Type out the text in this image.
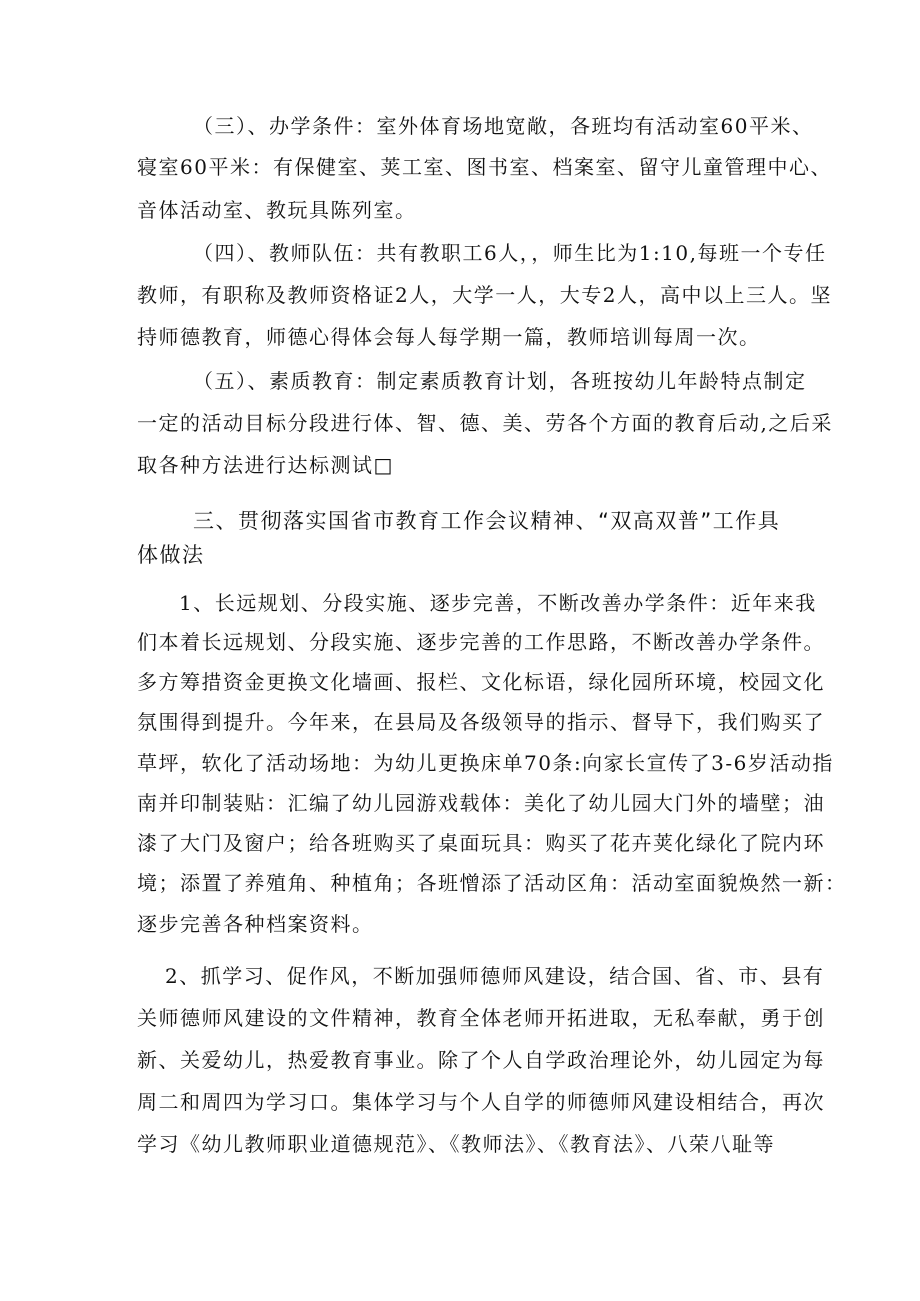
（三）、办学条件：室外体育场地宽敞，各班均有活动室60平米、
寝室60平米：有保健室、荚工室、图书室、档案室、留守儿童管理中心、
音体活动室、教玩具陈列室。
（四）、教师队伍：共有教职工6人，，师生比为1:10,每班一个专任
教师，有职称及教师资格证2人，大学一人，大专2人，高中以上三人。坚
持师德教育，师德心得体会每人每学期一篇，教师培训每周一次。
（五）、素质教育：制定素质教育计划，各班按幼儿年龄特点制定
一定的活动目标分段进行体、智、德、美、劳各个方面的教育后动,之后采
取各种方法进行达标测试□
三、贯彻落实国省市教育工作会议精神、“双高双普”工作具
体做法
1、长远规划、分段实施、逐步完善，不断改善办学条件：近年来我
们本着长远规划、分段实施、逐步完善的工作思路，不断改善办学条件。
多方筹措资金更换文化墙画、报栏、文化标语，绿化园所环境，校园文化
氛围得到提升。今年来，在县局及各级领导的指示、督导下，我们购买了
草坪，软化了活动场地：为幼儿更换床单70条:向家长宣传了3-6岁活动指
南并印制装贴：汇编了幼儿园游戏载体：美化了幼儿园大门外的墙壁；油
漆了大门及窗户；给各班购买了桌面玩具：购买了花卉荚化绿化了院内环
境；添置了养殖角、种植角；各班憎添了活动区角：活动室面貌焕然一新：
逐步完善各种档案资料。
2、抓学习、促作风，不断加强师德师风建设，结合国、省、市、县有
关师德师风建设的文件精神，教育全体老师开拓进取，无私奉献，勇于创
新、关爱幼儿，热爱教育事业。除了个人自学政治理论外，幼儿园定为每
周二和周四为学习口。集体学习与个人自学的师德师风建设相结合，再次
学习《幼儿教师职业道德规范》、《教师法》、《教育法》、八荣八耻等
